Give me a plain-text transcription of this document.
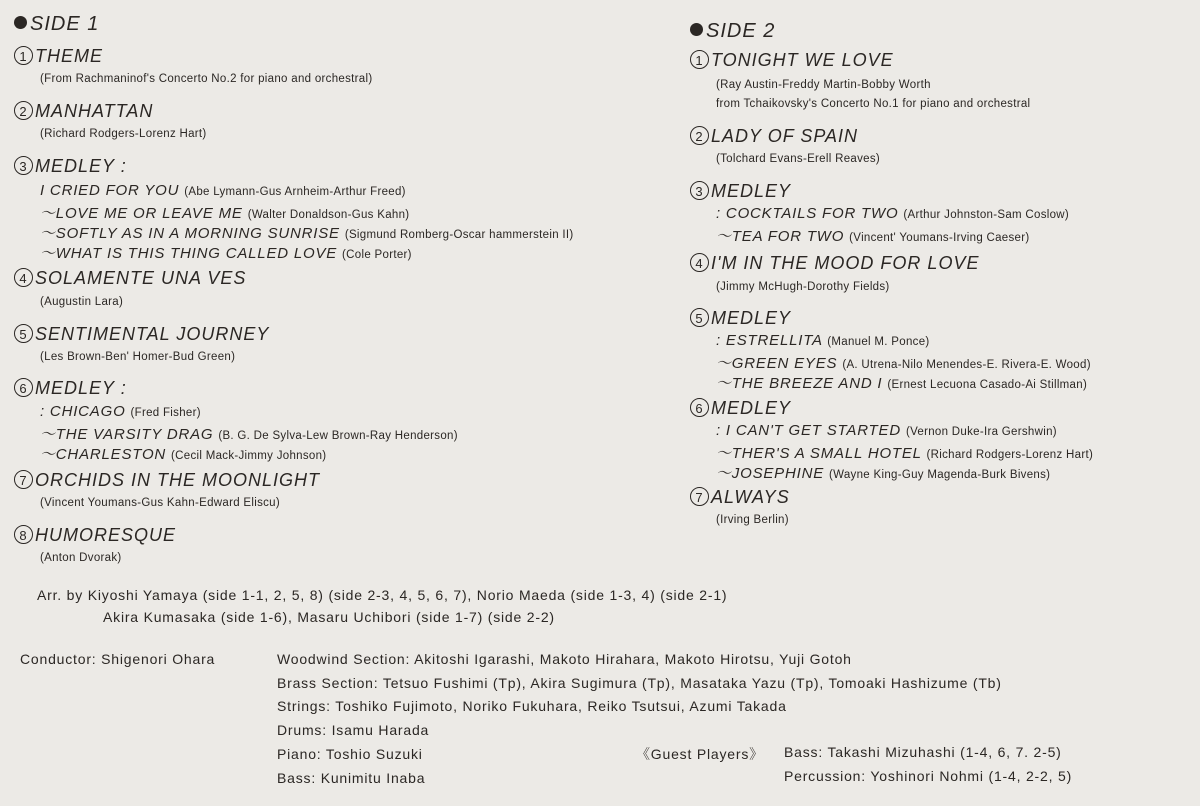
SIDE 1
1 THEME
(From Rachmaninof's Concerto No.2 for piano and orchestral)
2 MANHATTAN
(Richard Rodgers-Lorenz Hart)
3 MEDLEY :
I CRIED FOR YOU (Abe Lymann-Gus Arnheim-Arthur Freed)
～LOVE ME OR LEAVE ME (Walter Donaldson-Gus Kahn)
～SOFTLY AS IN A MORNING SUNRISE (Sigmund Romberg-Oscar hammerstein II)
～WHAT IS THIS THING CALLED LOVE (Cole Porter)
4 SOLAMENTE UNA VES
(Augustin Lara)
5 SENTIMENTAL JOURNEY
(Les Brown-Ben' Homer-Bud Green)
6 MEDLEY :
: CHICAGO (Fred Fisher)
～THE VARSITY DRAG (B. G. De Sylva-Lew Brown-Ray Henderson)
～CHARLESTON (Cecil Mack-Jimmy Johnson)
7 ORCHIDS IN THE MOONLIGHT
(Vincent Youmans-Gus Kahn-Edward Eliscu)
8 HUMORESQUE
(Anton Dvorak)
SIDE 2
1 TONIGHT WE LOVE
(Ray Austin-Freddy Martin-Bobby Worth
from Tchaikovsky's Concerto No.1 for piano and orchestral
2 LADY OF SPAIN
(Tolchard Evans-Erell Reaves)
3 MEDLEY
: COCKTAILS FOR TWO (Arthur Johnston-Sam Coslow)
～TEA FOR TWO (Vincent' Youmans-Irving Caeser)
4 I'M IN THE MOOD FOR LOVE
(Jimmy McHugh-Dorothy Fields)
5 MEDLEY
: ESTRELLITA (Manuel M. Ponce)
～GREEN EYES (A. Utrena-Nilo Menendes-E. Rivera-E. Wood)
～THE BREEZE AND I (Ernest Lecuona Casado-Ai Stillman)
6 MEDLEY
: I CAN'T GET STARTED (Vernon Duke-Ira Gershwin)
～THER'S A SMALL HOTEL (Richard Rodgers-Lorenz Hart)
～JOSEPHINE (Wayne King-Guy Magenda-Burk Bivens)
7 ALWAYS
(Irving Berlin)
Arr. by Kiyoshi Yamaya (side 1-1, 2, 5, 8) (side 2-3, 4, 5, 6, 7), Norio Maeda (side 1-3, 4) (side 2-1)
Akira Kumasaka (side 1-6), Masaru Uchibori (side 1-7) (side 2-2)
Conductor: Shigenori Ohara	Woodwind Section: Akitoshi Igarashi, Makoto Hirahara, Makoto Hirotsu, Yuji Gotoh
Brass Section: Tetsuo Fushimi (Tp), Akira Sugimura (Tp), Masataka Yazu (Tp), Tomoaki Hashizume (Tb)
Strings: Toshiko Fujimoto, Noriko Fukuhara, Reiko Tsutsui, Azumi Takada
Drums: Isamu Harada
Piano: Toshio Suzuki
Bass: Kunimitu Inaba
《Guest Players》 Bass: Takashi Mizuhashi (1-4, 6, 7. 2-5)
Percussion: Yoshinori Nohmi (1-4, 2-2, 5)
